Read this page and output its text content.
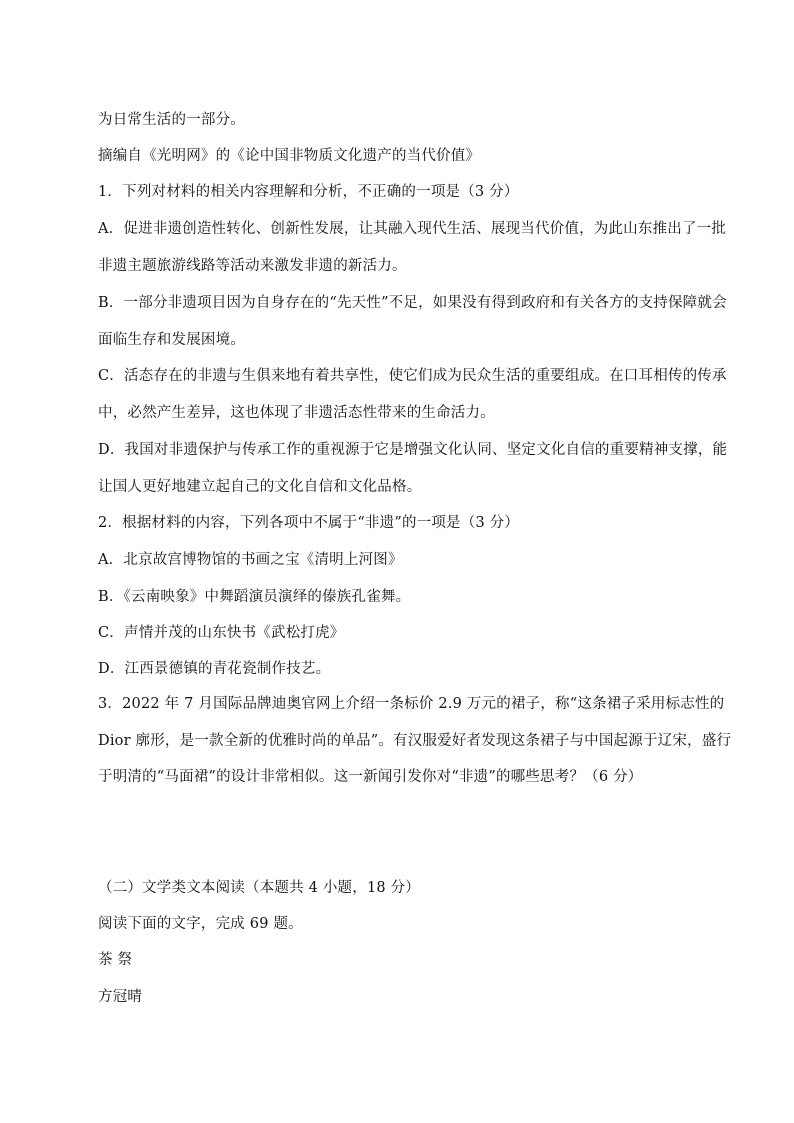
为日常生活的一部分。
摘编自《光明网》的《论中国非物质文化遗产的当代价值》
1．下列对材料的相关内容理解和分析，不正确的一项是（3 分）
A．促进非遗创造性转化、创新性发展，让其融入现代生活、展现当代价值，为此山东推出了一批
非遗主题旅游线路等活动来激发非遗的新活力。
B．一部分非遗项目因为自身存在的“先天性”不足，如果没有得到政府和有关各方的支持保障就会
面临生存和发展困境。
C．活态存在的非遗与生俱来地有着共享性，使它们成为民众生活的重要组成。在口耳相传的传承
中，必然产生差异，这也体现了非遗活态性带来的生命活力。
D．我国对非遗保护与传承工作的重视源于它是增强文化认同、坚定文化自信的重要精神支撑，能
让国人更好地建立起自己的文化自信和文化品格。
2．根据材料的内容，下列各项中不属于“非遗”的一项是（3 分）
A．北京故宫博物馆的书画之宝《清明上河图》
B．《云南映象》中舞蹈演员演绎的傣族孔雀舞。
C．声情并茂的山东快书《武松打虎》
D．江西景德镇的青花瓷制作技艺。
3．2022 年 7 月国际品牌迪奥官网上介绍一条标价 2.9 万元的裙子，称“这条裙子采用标志性的
Dior 廓形，是一款全新的优雅时尚的单品”。有汉服爱好者发现这条裙子与中国起源于辽宋，盛行
于明清的“马面裙”的设计非常相似。这一新闻引发你对“非遗”的哪些思考？（6 分）
（二）文学类文本阅读（本题共 4 小题，18 分）
阅读下面的文字，完成 69 题。
茶 祭
方冠晴
